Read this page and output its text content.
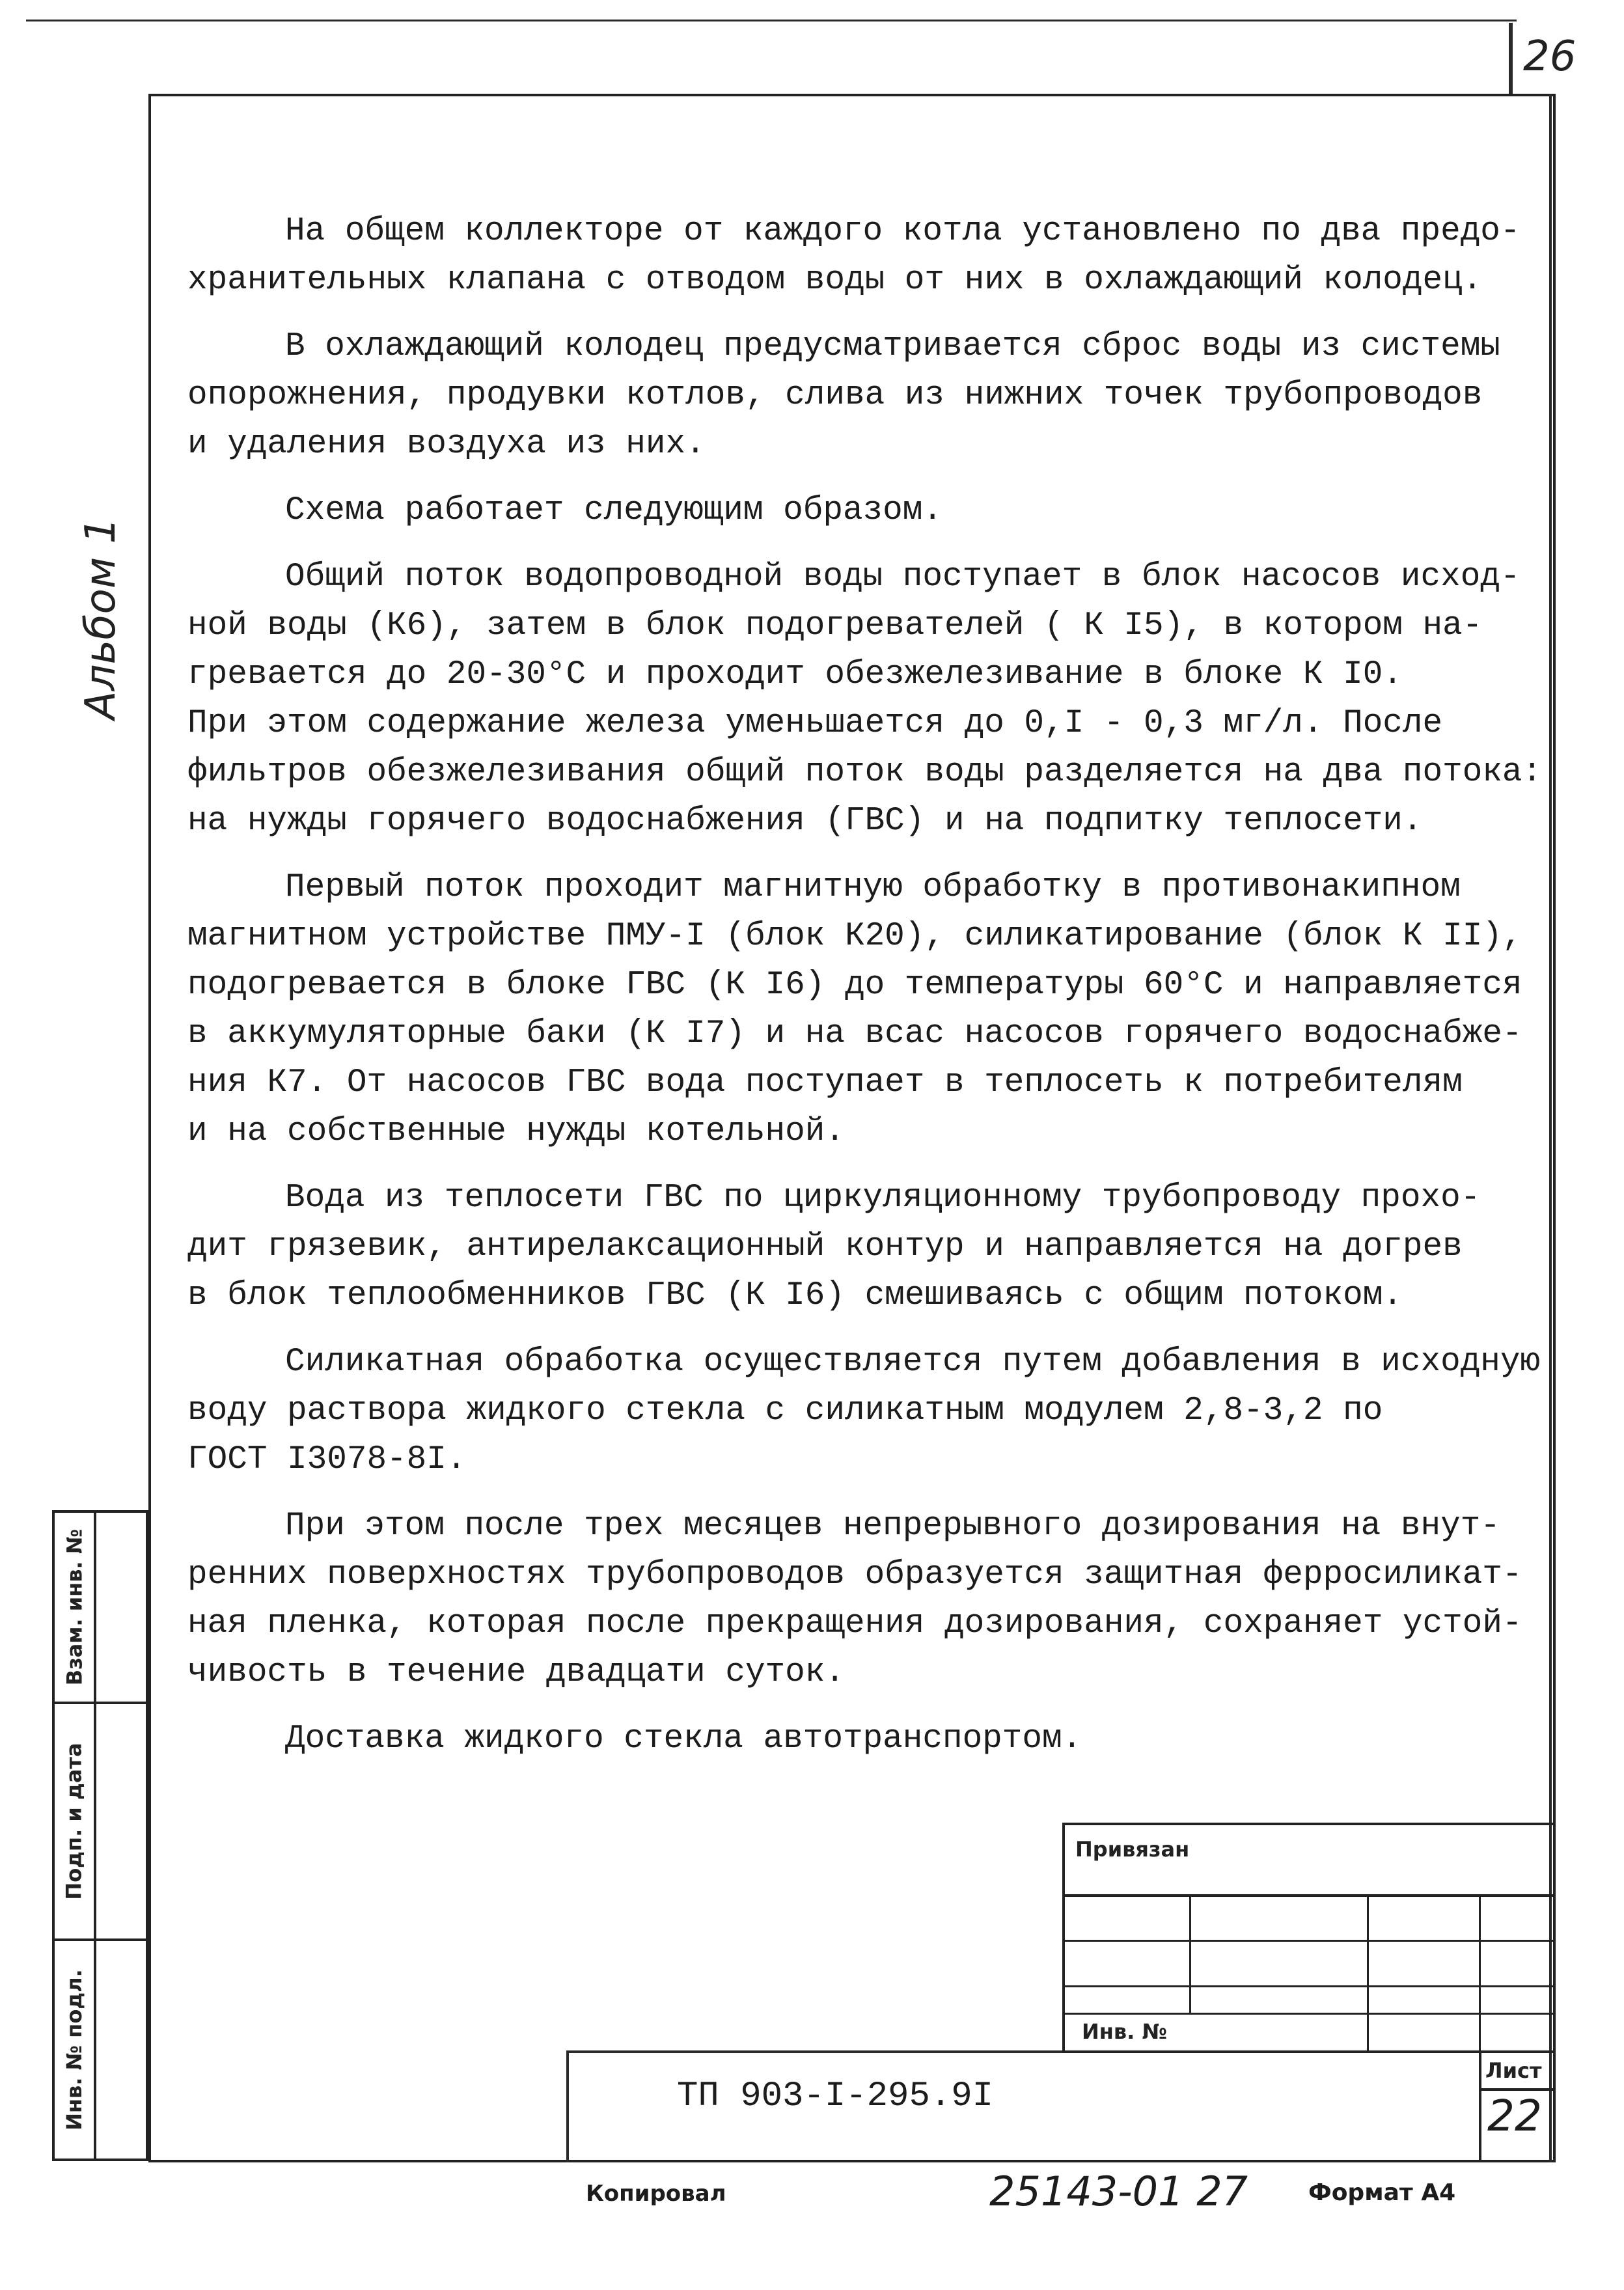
26
Альбом 1
Взам. инв. №
Подп. и дата
Инв. № подл.
На общем коллекторе от каждого котла установлено по два предо-
хранительных клапана с отводом воды от них в охлаждающий колодец.
В охлаждающий колодец предусматривается сброс воды из системы
опорожнения, продувки котлов, слива из нижних точек трубопроводов
и удаления воздуха из них.
Схема работает следующим образом.
Общий поток водопроводной воды поступает в блок насосов исход-
ной воды (К6), затем в блок подогревателей ( К I5), в котором на-
гревается до 20-30°С и проходит обезжелезивание в блоке К I0.
При этом содержание железа уменьшается до 0,I - 0,3 мг/л. После
фильтров обезжелезивания общий поток воды разделяется на два потока:
на нужды горячего водоснабжения (ГВС) и на подпитку теплосети.
Первый поток проходит магнитную обработку в противонакипном
магнитном устройстве ПМУ-I (блок К20), силикатирование (блок К II),
подогревается в блоке ГВС (К I6) до температуры 60°С и направляется
в аккумуляторные баки (К I7) и на всас насосов горячего водоснабже-
ния К7. От насосов ГВС вода поступает в теплосеть к потребителям
и на собственные нужды котельной.
Вода из теплосети ГВС по циркуляционному трубопроводу прохо-
дит грязевик, антирелаксационный контур и направляется на догрев
в блок теплообменников ГВС (К I6) смешиваясь с общим потоком.
Силикатная обработка осуществляется путем добавления в исходную
воду раствора жидкого стекла с силикатным модулем 2,8-3,2 по
ГОСТ I3078-8I.
При этом после трех месяцев непрерывного дозирования на внут-
ренних поверхностях трубопроводов образуется защитная ферросиликат-
ная пленка, которая после прекращения дозирования, сохраняет устой-
чивость в течение двадцати суток.
Доставка жидкого стекла автотранспортом.
Привязан
Инв. №
Лист
ТП 903-I-295.9I	22
Копировал	25143-01 27	Формат А4
